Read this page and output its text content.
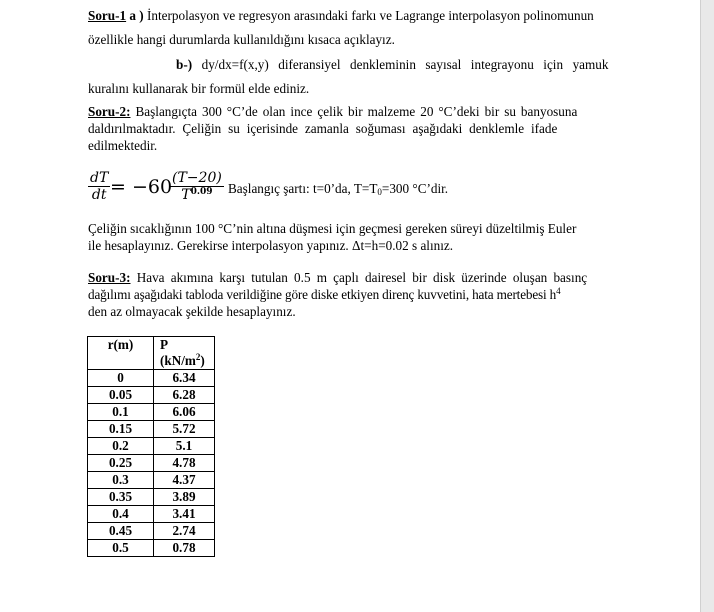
Soru-1 a ) İnterpolasyon ve regresyon arasındaki farkı ve Lagrange interpolasyon polinomunun
özellikle hangi durumlarda kullanıldığını kısaca açıklayız.
b-) dy/dx=f(x,y) diferansiyel denkleminin sayısal integrayonu için yamuk
kuralını kullanarak bir formül elde ediniz.
Soru-2: Başlangıçta 300 °C’de olan ince çelik bir malzeme 20 °C’deki bir su banyosuna
daldırılmaktadır. Çeliğin su içerisinde zamanla soğuması aşağıdaki denklemle ifade
edilmektedir.
$\frac{dT}{dt} = -60$
$\frac{(T-20)}{T^{0.09}}$ Başlangıç şartı: t=0’da, $T=T_0=300$ °C’dir.
Çeliğin sıcaklığının 100 °C’nin altına düşmesi için geçmesi gereken süreyi düzeltilmiş Euler
ile hesaplayınız. Gerekirse interpolasyon yapınız. Δt=h=0.02 s alınız.
Soru-3: Hava akımına karşı tutulan 0.5 m çaplı dairesel bir disk üzerinde oluşan basınç
dağılımı aşağıdaki tabloda verildiğine göre diske etkiyen direnç kuvvetini, hata mertebesi $h^4$
den az olmayacak şekilde hesaplayınız.
r(m)	P
$(kN/m^2)$
0	6.34
0.05	6.28
0.1	6.06
0.15	5.72
0.2	5.1
0.25	4.78
0.3	4.37
0.35	3.89
0.4	3.41
0.45	2.74
0.5	0.78
